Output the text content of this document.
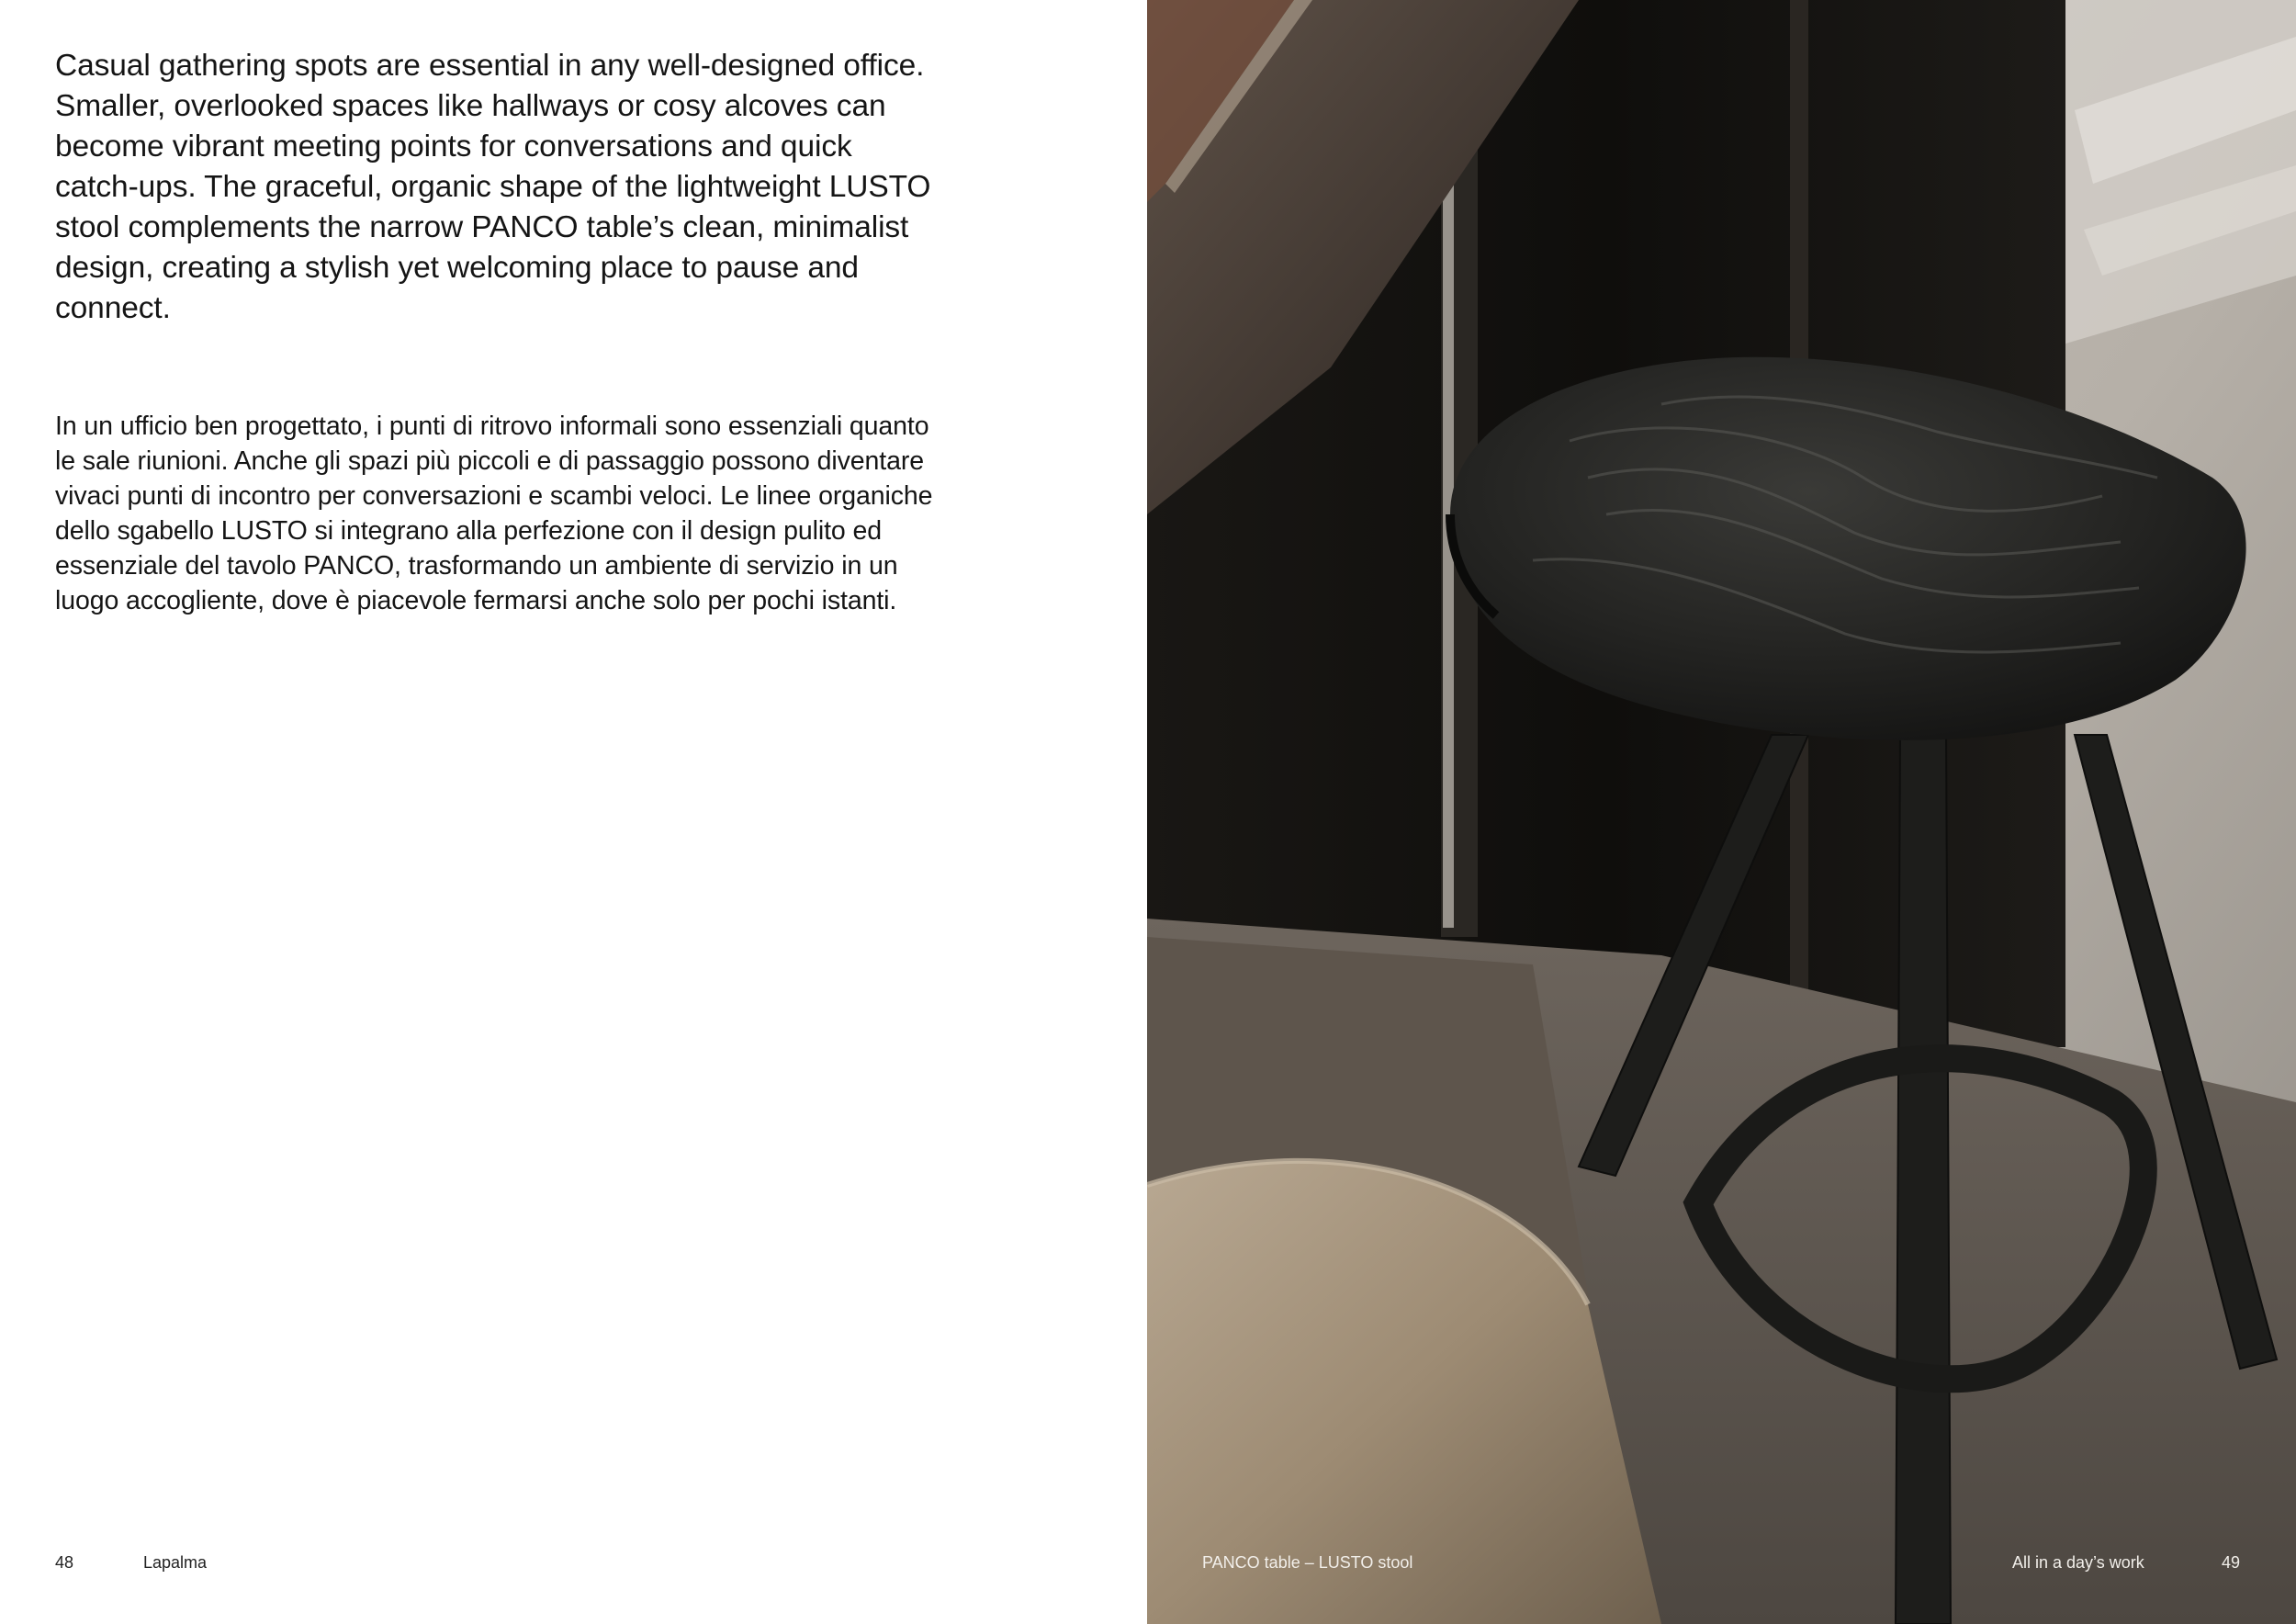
Casual gathering spots are essential in any well-designed office. Smaller, overlooked spaces like hallways or cosy alcoves can become vibrant meeting points for conversations and quick catch-ups. The graceful, organic shape of the lightweight LUSTO stool complements the narrow PANCO table’s clean, minimalist design, creating a stylish yet welcoming place to pause and connect.

In un ufficio ben progettato, i punti di ritrovo informali sono essenziali quanto le sale riunioni. Anche gli spazi più piccoli e di passaggio possono diventare vivaci punti di incontro per conversazioni e scambi veloci. Le linee organiche dello sgabello LUSTO si integrano alla perfezione con il design pulito ed essenziale del tavolo PANCO, trasformando un ambiente di servizio in un luogo accogliente, dove è piacevole fermarsi anche solo per pochi istanti.

48	Lapalma	PANCO table – LUSTO stool	All in a day’s work	49
